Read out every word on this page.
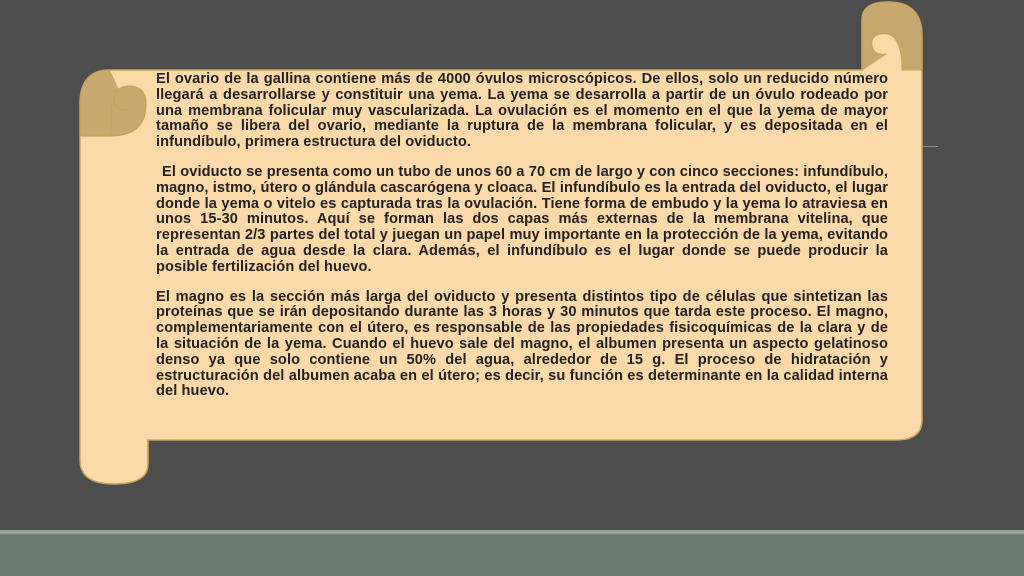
El ovario de la gallina contiene más de 4000 óvulos microscópicos. De ellos, solo un reducido número llegará a desarrollarse y constituir una yema. La yema se desarrolla a partir de un óvulo rodeado por una membrana folicular muy vascularizada. La ovulación es el momento en el que la yema de mayor tamaño se libera del ovario, mediante la ruptura de la membrana folicular, y es depositada en el infundíbulo, primera estructura del oviducto.

El oviducto se presenta como un tubo de unos 60 a 70 cm de largo y con cinco secciones: infundíbulo, magno, istmo, útero o glándula cascarógena y cloaca. El infundíbulo es la entrada del oviducto, el lugar donde la yema o vitelo es capturada tras la ovulación. Tiene forma de embudo y la yema lo atraviesa en unos 15-30 minutos. Aquí se forman las dos capas más externas de la membrana vitelina, que representan 2/3 partes del total y juegan un papel muy importante en la protección de la yema, evitando la entrada de agua desde la clara. Además, el infundíbulo es el lugar donde se puede producir la posible fertilización del huevo.

El magno es la sección más larga del oviducto y presenta distintos tipo de células que sintetizan las proteínas que se irán depositando durante las 3 horas y 30 minutos que tarda este proceso. El magno, complementariamente con el útero, es responsable de las propiedades fisicoquímicas de la clara y de la situación de la yema. Cuando el huevo sale del magno, el albumen presenta un aspecto gelatinoso denso ya que solo contiene un 50% del agua, alrededor de 15 g. El proceso de hidratación y estructuración del albumen acaba en el útero; es decir, su función es determinante en la calidad interna del huevo.
